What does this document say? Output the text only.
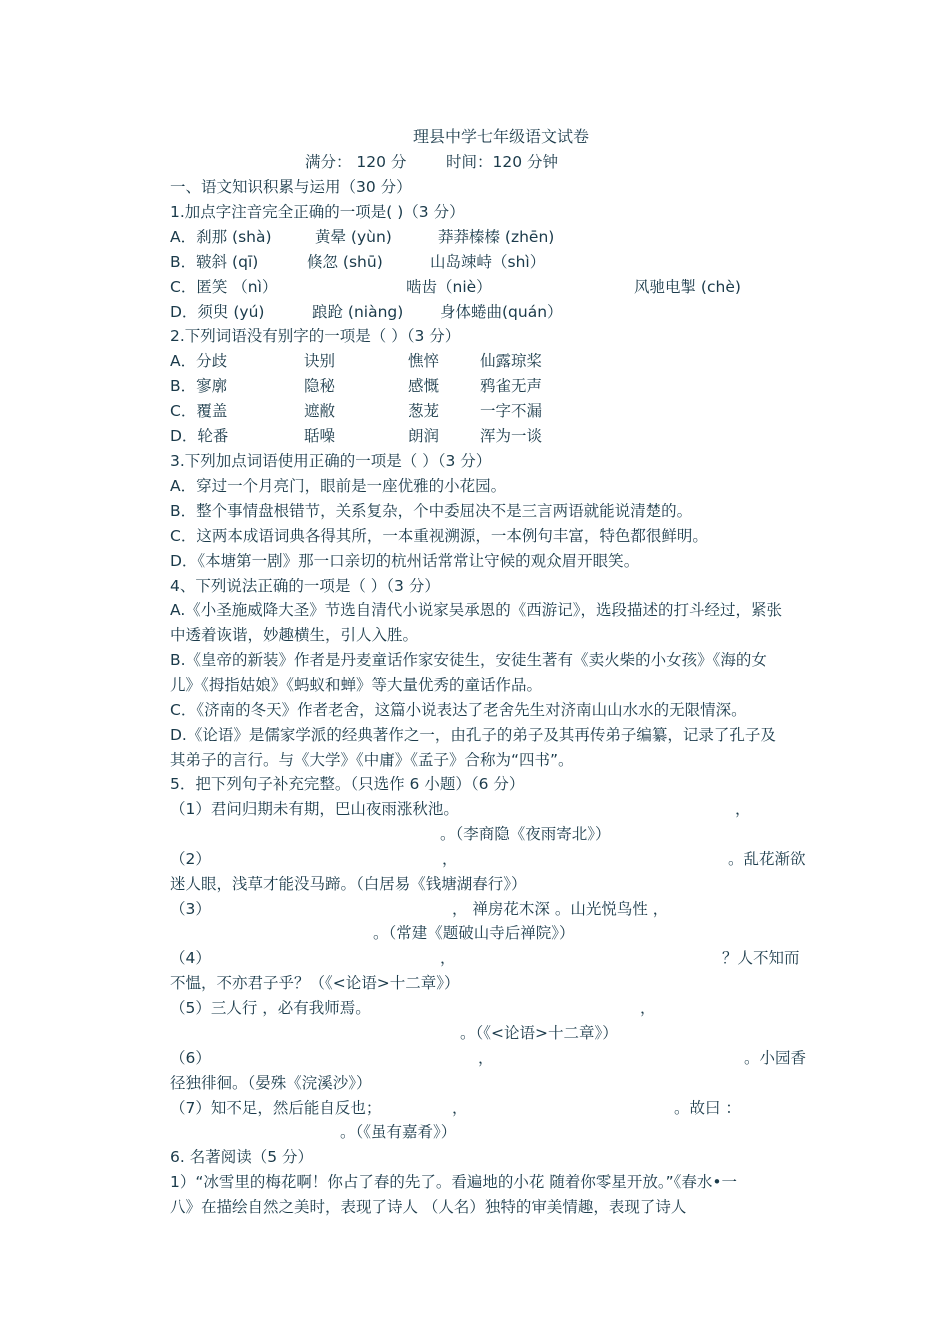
理县中学七年级语文试卷
满分： 120 分	时间：120 分钟
一、语文知识积累与运用（30 分）
1.加点字注音完全正确的一项是( )（3 分）
A．刹那 (shà)	黄晕 (yùn)	莽莽榛榛 (zhēn)
B．皲斜 (qī)	倏忽 (shū)	山岛竦峙（shì）
C．匿笑 （nì）	啮齿（niè）	风驰电掣 (chè)
D．须臾 (yú)	踉跄 (niàng) 身体蜷曲(quán）
2.下列词语没有别字的一项是（ ）（3 分）
A．分歧	诀别	憔悴	仙露琼桨
B．寥廓	隐秘	感慨	鸦雀无声
C．覆盖	遮敝	葱茏	一字不漏
D．轮番	聒噪	朗润	浑为一谈
3.下列加点词语使用正确的一项是（ ）（3 分）
A．穿过一个月亮门，眼前是一座优雅的小花园。
B．整个事情盘根错节，关系复杂，个中委屈决不是三言两语就能说清楚的。
C．这两本成语词典各得其所，一本重视溯源，一本例句丰富，特色都很鲜明。
D．《本塘第一剧》那一口亲切的杭州话常常让守候的观众眉开眼笑。
4、下列说法正确的一项是（ ）（3 分）
A.《小圣施威降大圣》节选自清代小说家吴承恩的《西游记》，选段描述的打斗经过，紧张
中透着诙谐，妙趣横生，引人入胜。
B.《皇帝的新装》作者是丹麦童话作家安徒生，安徒生著有《卖火柴的小女孩》《海的女
儿》《拇指姑娘》《蚂蚁和蝉》等大量优秀的童话作品。
C．《济南的冬天》作者老舍，这篇小说表达了老舍先生对济南山山水水的无限情深。
D.《论语》是儒家学派的经典著作之一，由孔子的弟子及其再传弟子编纂，记录了孔子及
其弟子的言行。与《大学》《中庸》《孟子》合称为“四书”。
5．把下列句子补充完整。（只选作 6 小题）（6 分）
（1）君问归期未有期，巴山夜雨涨秋池。	，
。（李商隐《夜雨寄北》）
（2）	，	。乱花渐欲
迷人眼，浅草才能没马蹄。（白居易《钱塘湖春行》）
（3）	， 禅房花木深 。山光悦鸟性 ，
。（常建《题破山寺后禅院》）
（4）	，	？人不知而
不愠，不亦君子乎？（《<论语>十二章》）
（5）三人行 ，必有我师焉。	，
。（《<论语>十二章》）
（6）	，	。小园香
径独徘徊。（晏殊《浣溪沙》）
（7）知不足，然后能自反也；	，	。故曰 ：
。（《虽有嘉肴》）
6. 名著阅读（5 分）
1）“冰雪里的梅花啊！你占了春的先了。看遍地的小花 随着你零星开放。”《春水•一
八》在描绘自然之美时，表现了诗人 （人名）独特的审美情趣，表现了诗人
